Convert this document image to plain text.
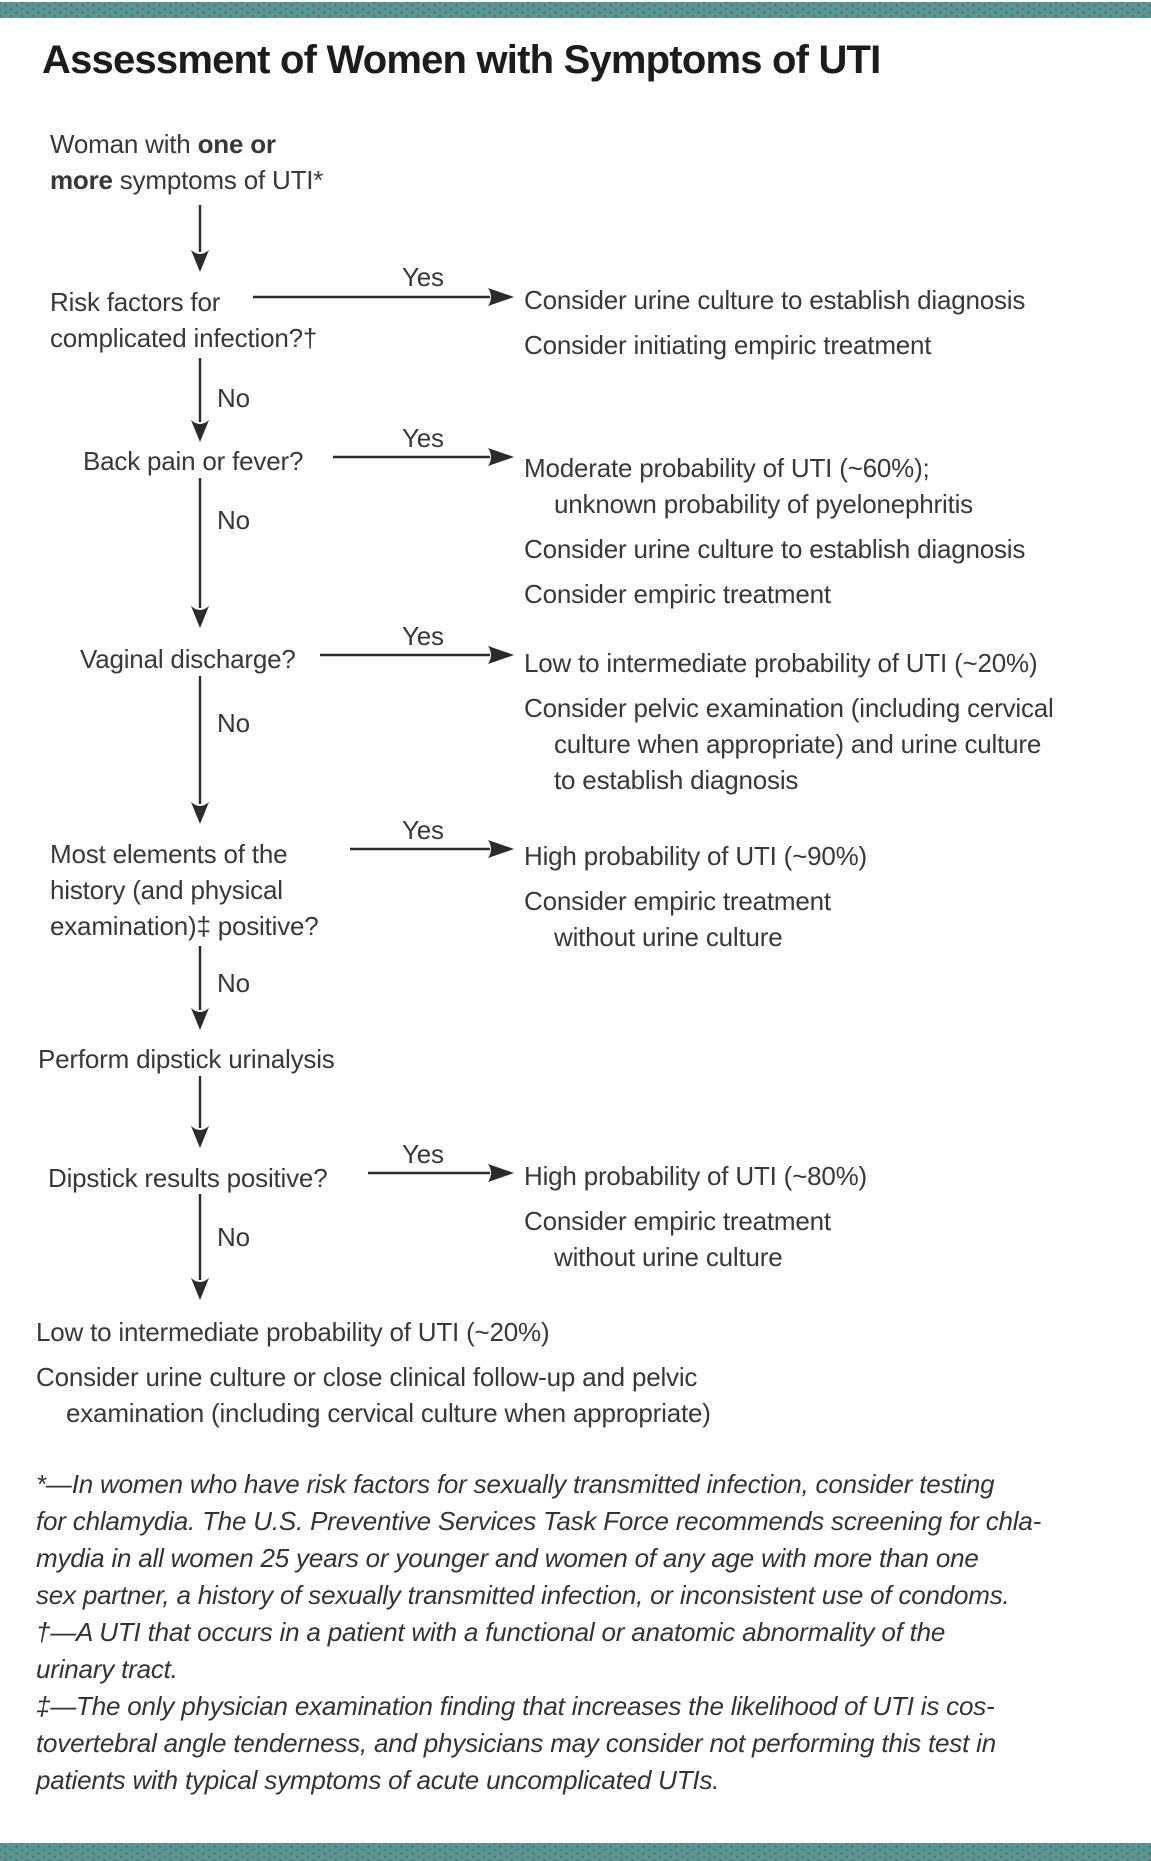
Assessment of Women with Symptoms of UTI
Woman with one or
more symptoms of UTI*
Risk factors for
complicated infection?†
Yes
Consider urine culture to establish diagnosis
Consider initiating empiric treatment
No
Back pain or fever?
Yes
Moderate probability of UTI (~60%);
unknown probability of pyelonephritis
Consider urine culture to establish diagnosis
Consider empiric treatment
No
Vaginal discharge?
Yes
Low to intermediate probability of UTI (~20%)
Consider pelvic examination (including cervical
culture when appropriate) and urine culture
to establish diagnosis
No
Most elements of the
history (and physical
examination)‡ positive?
Yes
High probability of UTI (~90%)
Consider empiric treatment
without urine culture
No
Perform dipstick urinalysis
Dipstick results positive?
Yes
High probability of UTI (~80%)
Consider empiric treatment
without urine culture
No
Low to intermediate probability of UTI (~20%)
Consider urine culture or close clinical follow-up and pelvic
examination (including cervical culture when appropriate)
*—In women who have risk factors for sexually transmitted infection, consider testing
for chlamydia. The U.S. Preventive Services Task Force recommends screening for chla-
mydia in all women 25 years or younger and women of any age with more than one
sex partner, a history of sexually transmitted infection, or inconsistent use of condoms.
†—A UTI that occurs in a patient with a functional or anatomic abnormality of the
urinary tract.
‡—The only physician examination finding that increases the likelihood of UTI is cos-
tovertebral angle tenderness, and physicians may consider not performing this test in
patients with typical symptoms of acute uncomplicated UTIs.
